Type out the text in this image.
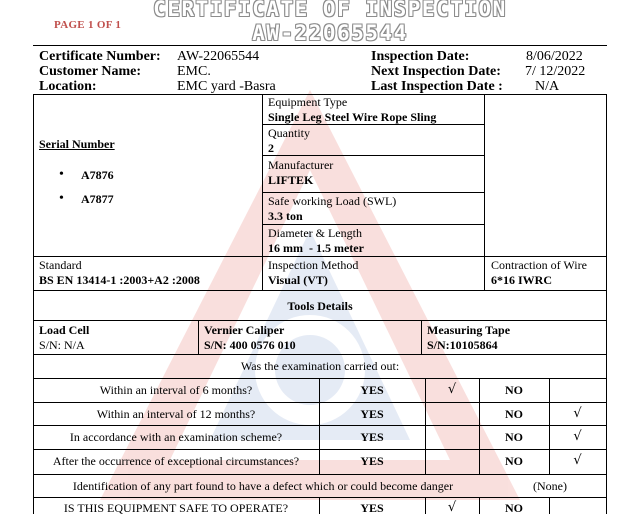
PAGE 1 OF 1
CERTIFICATE OF INSPECTION
AW-22065544
Certificate Number: AW-22065544
Customer Name:	EMC.
Location:	EMC yard -Basra
Inspection Date:	8/06/2022
Next Inspection Date: 7/ 12/2022
Last Inspection Date : N/A
Serial Number
• A7876
• A7877
Equipment Type
Single Leg Steel Wire Rope Sling
Quantity
2
Manufacturer
LIFTEK
Safe working Load (SWL)
3.3 ton
Diameter & Length
16 mm  - 1.5 meter
Standard
BS EN 13414-1 :2003+A2 :2008
Inspection Method
Visual (VT)
Contraction of Wire
6*16 IWRC
Tools Details
Load Cell
S/N: N/A
Vernier Caliper
S/N: 400 0576 010
Measuring Tape
S/N:10105864
Was the examination carried out:
Within an interval of 6 months?	YES	√	NO
Within an interval of 12 months?	YES	NO	√
In accordance with an examination scheme?	YES	NO	√
After the occurrence of exceptional circumstances?	YES	NO	√
Identification of any part found to have a defect which or could become danger	(None)
IS THIS EQUIPMENT SAFE TO OPERATE?	YES	√	NO
